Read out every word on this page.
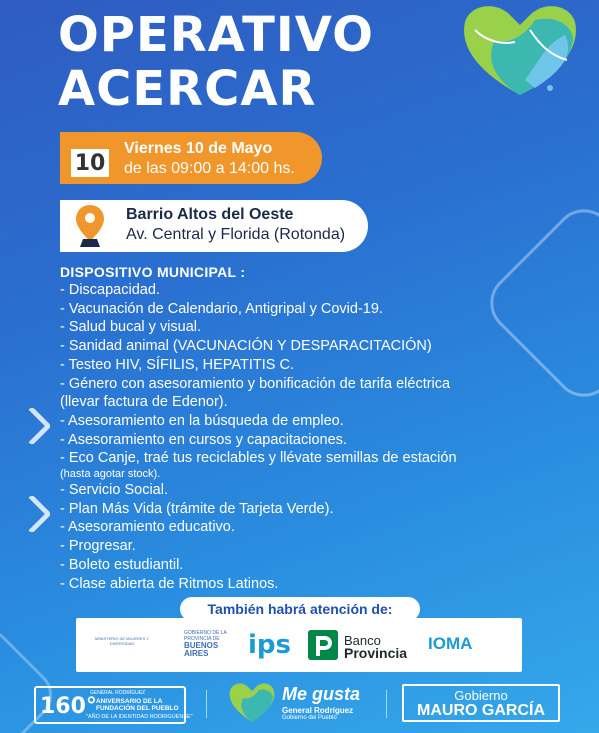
OPERATIVO
ACERCAR
10
Viernes 10 de Mayo
de las 09:00 a 14:00 hs.
Barrio Altos del Oeste
Av. Central y Florida (Rotonda)
DISPOSITIVO MUNICIPAL :
- Discapacidad.
- Vacunación de Calendario, Antigripal y Covid-19.
- Salud bucal y visual.
- Sanidad animal (VACUNACIÓN Y DESPARACITACIÓN)
- Testeo HIV, SÍFILIS, HEPATITIS C.
- Género con asesoramiento y bonificación de tarifa eléctrica
(llevar factura de Edenor).
- Asesoramiento en la búsqueda de empleo.
- Asesoramiento en cursos y capacitaciones.
- Eco Canje, traé tus reciclables y llévate semillas de estación
(hasta agotar stock).
- Servicio Social.
- Plan Más Vida (trámite de Tarjeta Verde).
- Asesoramiento educativo.
- Progresar.
- Boleto estudiantil.
- Clase abierta de Ritmos Latinos.
MINISTERIO DE MUJERES Y DIVERSIDAD
GOBIERNO DE LA PROVINCIA DE
BUENOS AIRES	ips	Banco
Provincia IOMA
También habrá atención de:
GENERAL RODRÍGUEZ
160° ANIVERSARIO DE LA
FUNDACIÓN DEL PUEBLO
"AÑO DE LA IDENTIDAD RODRIGUENSE"
Me gusta
General Rodríguez
Gobierno del Pueblo
Gobierno
MAURO GARCÍA
